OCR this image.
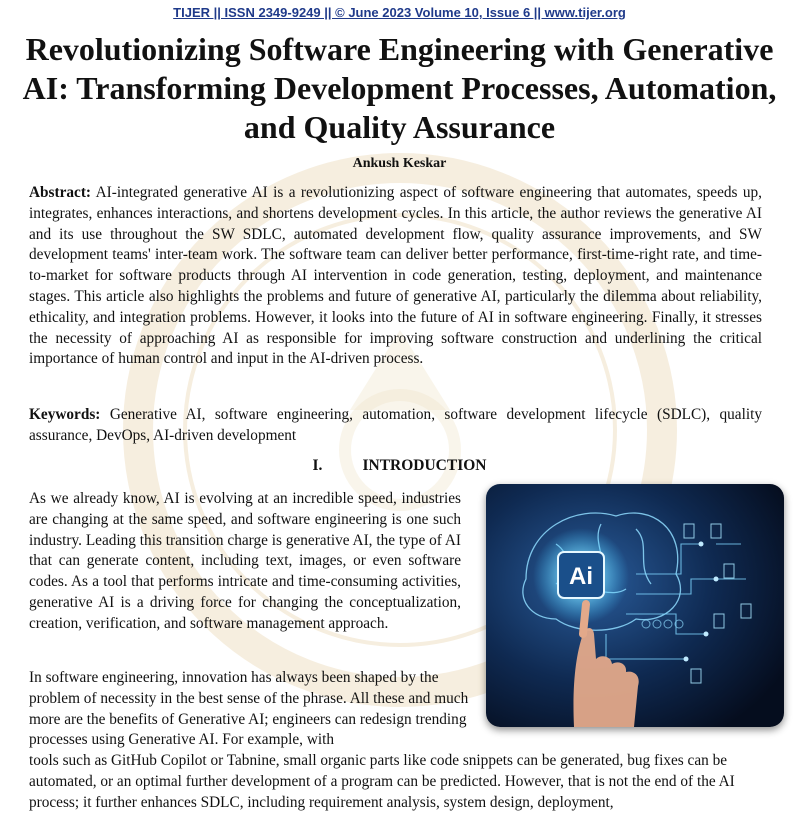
TIJER || ISSN 2349-9249 || © June 2023 Volume 10, Issue 6 || www.tijer.org
Revolutionizing Software Engineering with Generative AI: Transforming Development Processes, Automation, and Quality Assurance
Ankush Keskar

Abstract: AI-integrated generative AI is a revolutionizing aspect of software engineering that automates, speeds up, integrates, enhances interactions, and shortens development cycles. In this article, the author reviews the generative AI and its use throughout the SW SDLC, automated development flow, quality assurance improvements, and SW development teams' inter-team work. The software team can deliver better performance, first-time-right rate, and time-to-market for software products through AI intervention in code generation, testing, deployment, and maintenance stages. This article also highlights the problems and future of generative AI, particularly the dilemma about reliability, ethicality, and integration problems. However, it looks into the future of AI in software engineering. Finally, it stresses the necessity of approaching AI as responsible for improving software construction and underlining the critical importance of human control and input in the AI-driven process.

Keywords: Generative AI, software engineering, automation, software development lifecycle (SDLC), quality assurance, DevOps, AI-driven development

I.	INTRODUCTION

As we already know, AI is evolving at an incredible speed, industries are changing at the same speed, and software engineering is one such industry. Leading this transition charge is generative AI, the type of AI that can generate content, including text, images, or even software codes. As a tool that performs intricate and time-consuming activities, generative AI is a driving force for changing the conceptualization, creation, verification, and software management approach.

In software engineering, innovation has always been shaped by the problem of necessity in the best sense of the phrase. All these and much more are the benefits of Generative AI; engineers can redesign trending processes using Generative AI. For example, with
tools such as GitHub Copilot or Tabnine, small organic parts like code snippets can be generated, bug fixes can be automated, or an optimal further development of a program can be predicted. However, that is not the end of the AI process; it further enhances SDLC, including requirement analysis, system design, deployment,

Ai
